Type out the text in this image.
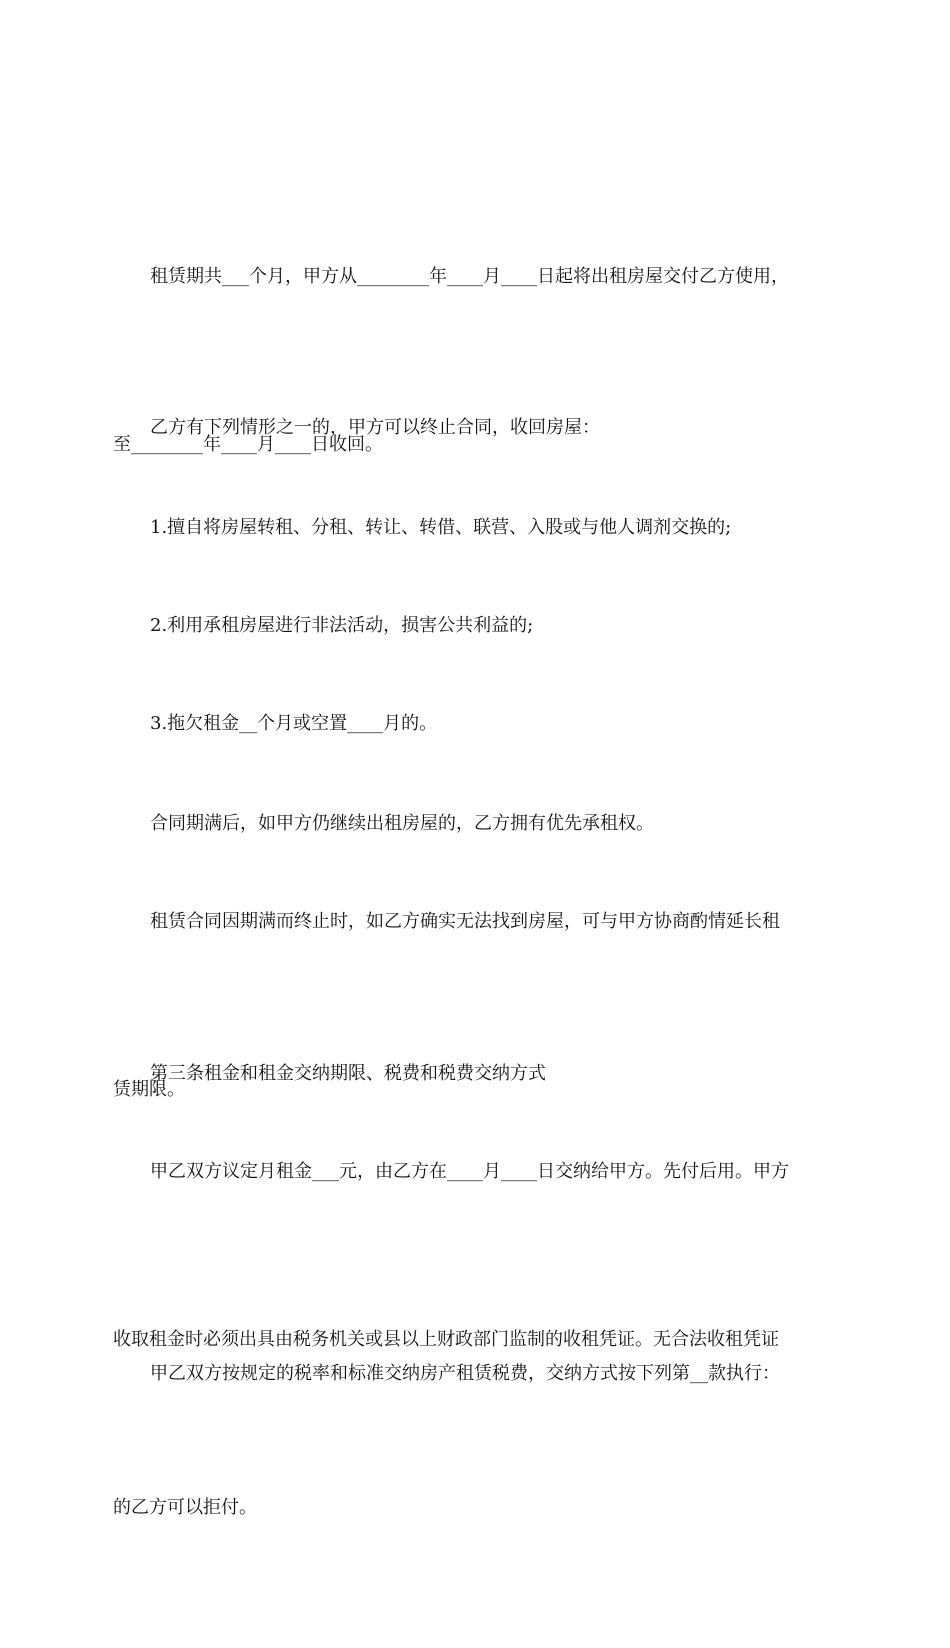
租赁期共___个月，甲方从________年____月____日起将出租房屋交付乙方使用，

至________年____月____日收回。

乙方有下列情形之一的，甲方可以终止合同，收回房屋：

1.擅自将房屋转租、分租、转让、转借、联营、入股或与他人调剂交换的;

2.利用承租房屋进行非法活动，损害公共利益的;

3.拖欠租金__个月或空置____月的。

合同期满后，如甲方仍继续出租房屋的，乙方拥有优先承租权。

租赁合同因期满而终止时，如乙方确实无法找到房屋，可与甲方协商酌情延长租

赁期限。

第三条租金和租金交纳期限、税费和税费交纳方式

甲乙双方议定月租金___元，由乙方在____月____日交纳给甲方。先付后用。甲方

收取租金时必须出具由税务机关或县以上财政部门监制的收租凭证。无合法收租凭证

的乙方可以拒付。

甲乙双方按规定的税率和标准交纳房产租赁税费，交纳方式按下列第__款执行：
